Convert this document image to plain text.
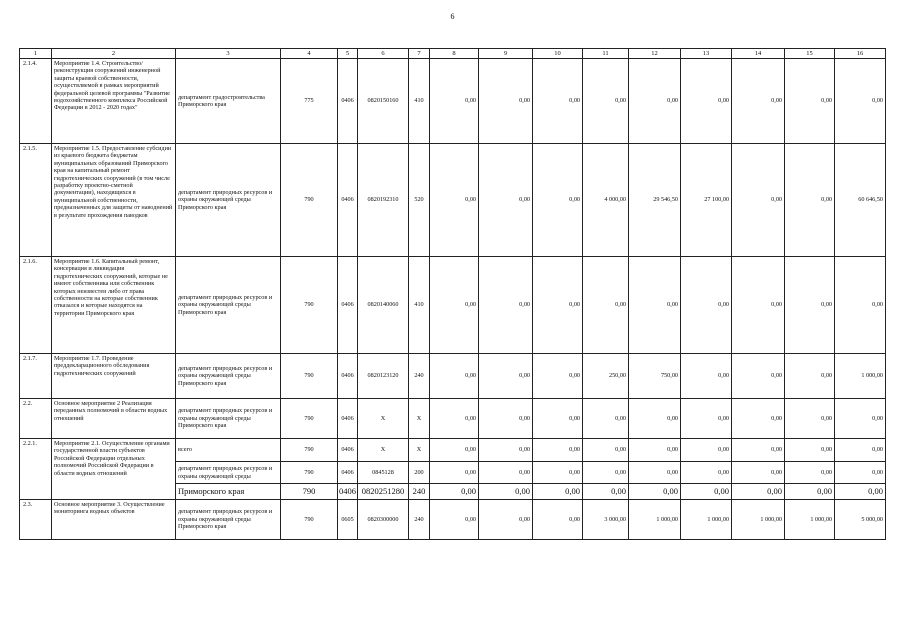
6
1	2	3	4	5	6	7	8	9	10	11	12	13	14	15	16
2.1.4.	Мероприятие 1.4. Строительство/реконструкция сооружений инженерной защиты краевой собственности, осуществляемой в рамках мероприятий федеральной целевой программы "Развитие водохозяйственного комплекса Российской Федерации в 2012 - 2020 годах"	департамент градостроительства Приморского края	775	0406	0820150160	410	0,00	0,00	0,00	0,00	0,00	0,00	0,00	0,00	0,00
2.1.5.	Мероприятие 1.5. Предоставление субсидии из краевого бюджета бюджетам муниципальных образований Приморского края на капитальный ремонт гидротехнических сооружений (в том числе разработку проектно-сметной документации), находящихся в муниципальной собственности, предназначенных для защиты от наводнений в результате прохождения паводков	департамент природных ресурсов и охраны окружающей среды Приморского края	790	0406	0820192310	520	0,00	0,00	0,00	4 000,00	29 546,50	27 100,00	0,00	0,00	60 646,50
2.1.6.	Мероприятие 1.6. Капитальный ремонт, консервация и ликвидация гидротехнических сооружений, которые не имеют собственника или собственник которых неизвестен либо от права собственности на которые собственник отказался и которые находятся на территории Приморского края	департамент природных ресурсов и охраны окружающей среды Приморского края	790	0406	0820140060	410	0,00	0,00	0,00	0,00	0,00	0,00	0,00	0,00	0,00
2.1.7.	Мероприятие 1.7. Проведение преддекларационного обследования гидротехнических сооружений	департамент природных ресурсов и охраны окружающей среды Приморского края	790	0406	0820123120	240	0,00	0,00	0,00	250,00	750,00	0,00	0,00	0,00	1 000,00
2.2.	Основное мероприятие 2 Реализация переданных полномочий в области водных отношений	департамент природных ресурсов и охраны окружающей среды Приморского края	790	0406	X	X	0,00	0,00	0,00	0,00	0,00	0,00	0,00	0,00	0,00
2.2.1.	Мероприятие 2.1. Осуществление органами государственной власти субъектов Российской Федерации отдельных полномочий Российской Федерации в области водных отношений	всего	790	0406	X	X	0,00	0,00	0,00	0,00	0,00	0,00	0,00	0,00	0,00
		департамент природных ресурсов и охраны окружающей среды	790	0406	0845128	200	0,00	0,00	0,00	0,00	0,00	0,00	0,00	0,00	0,00
		Приморского края	790	0406	0820251280	240	0,00	0,00	0,00	0,00	0,00	0,00	0,00	0,00	0,00
2.3.	Основное мероприятие 3. Осуществление мониторинга водных объектов	департамент природных ресурсов и охраны окружающей среды Приморского края	790	0605	0820300000	240	0,00	0,00	0,00	3 000,00	1 000,00	1 000,00	1 000,00	1 000,00	5 000,00
